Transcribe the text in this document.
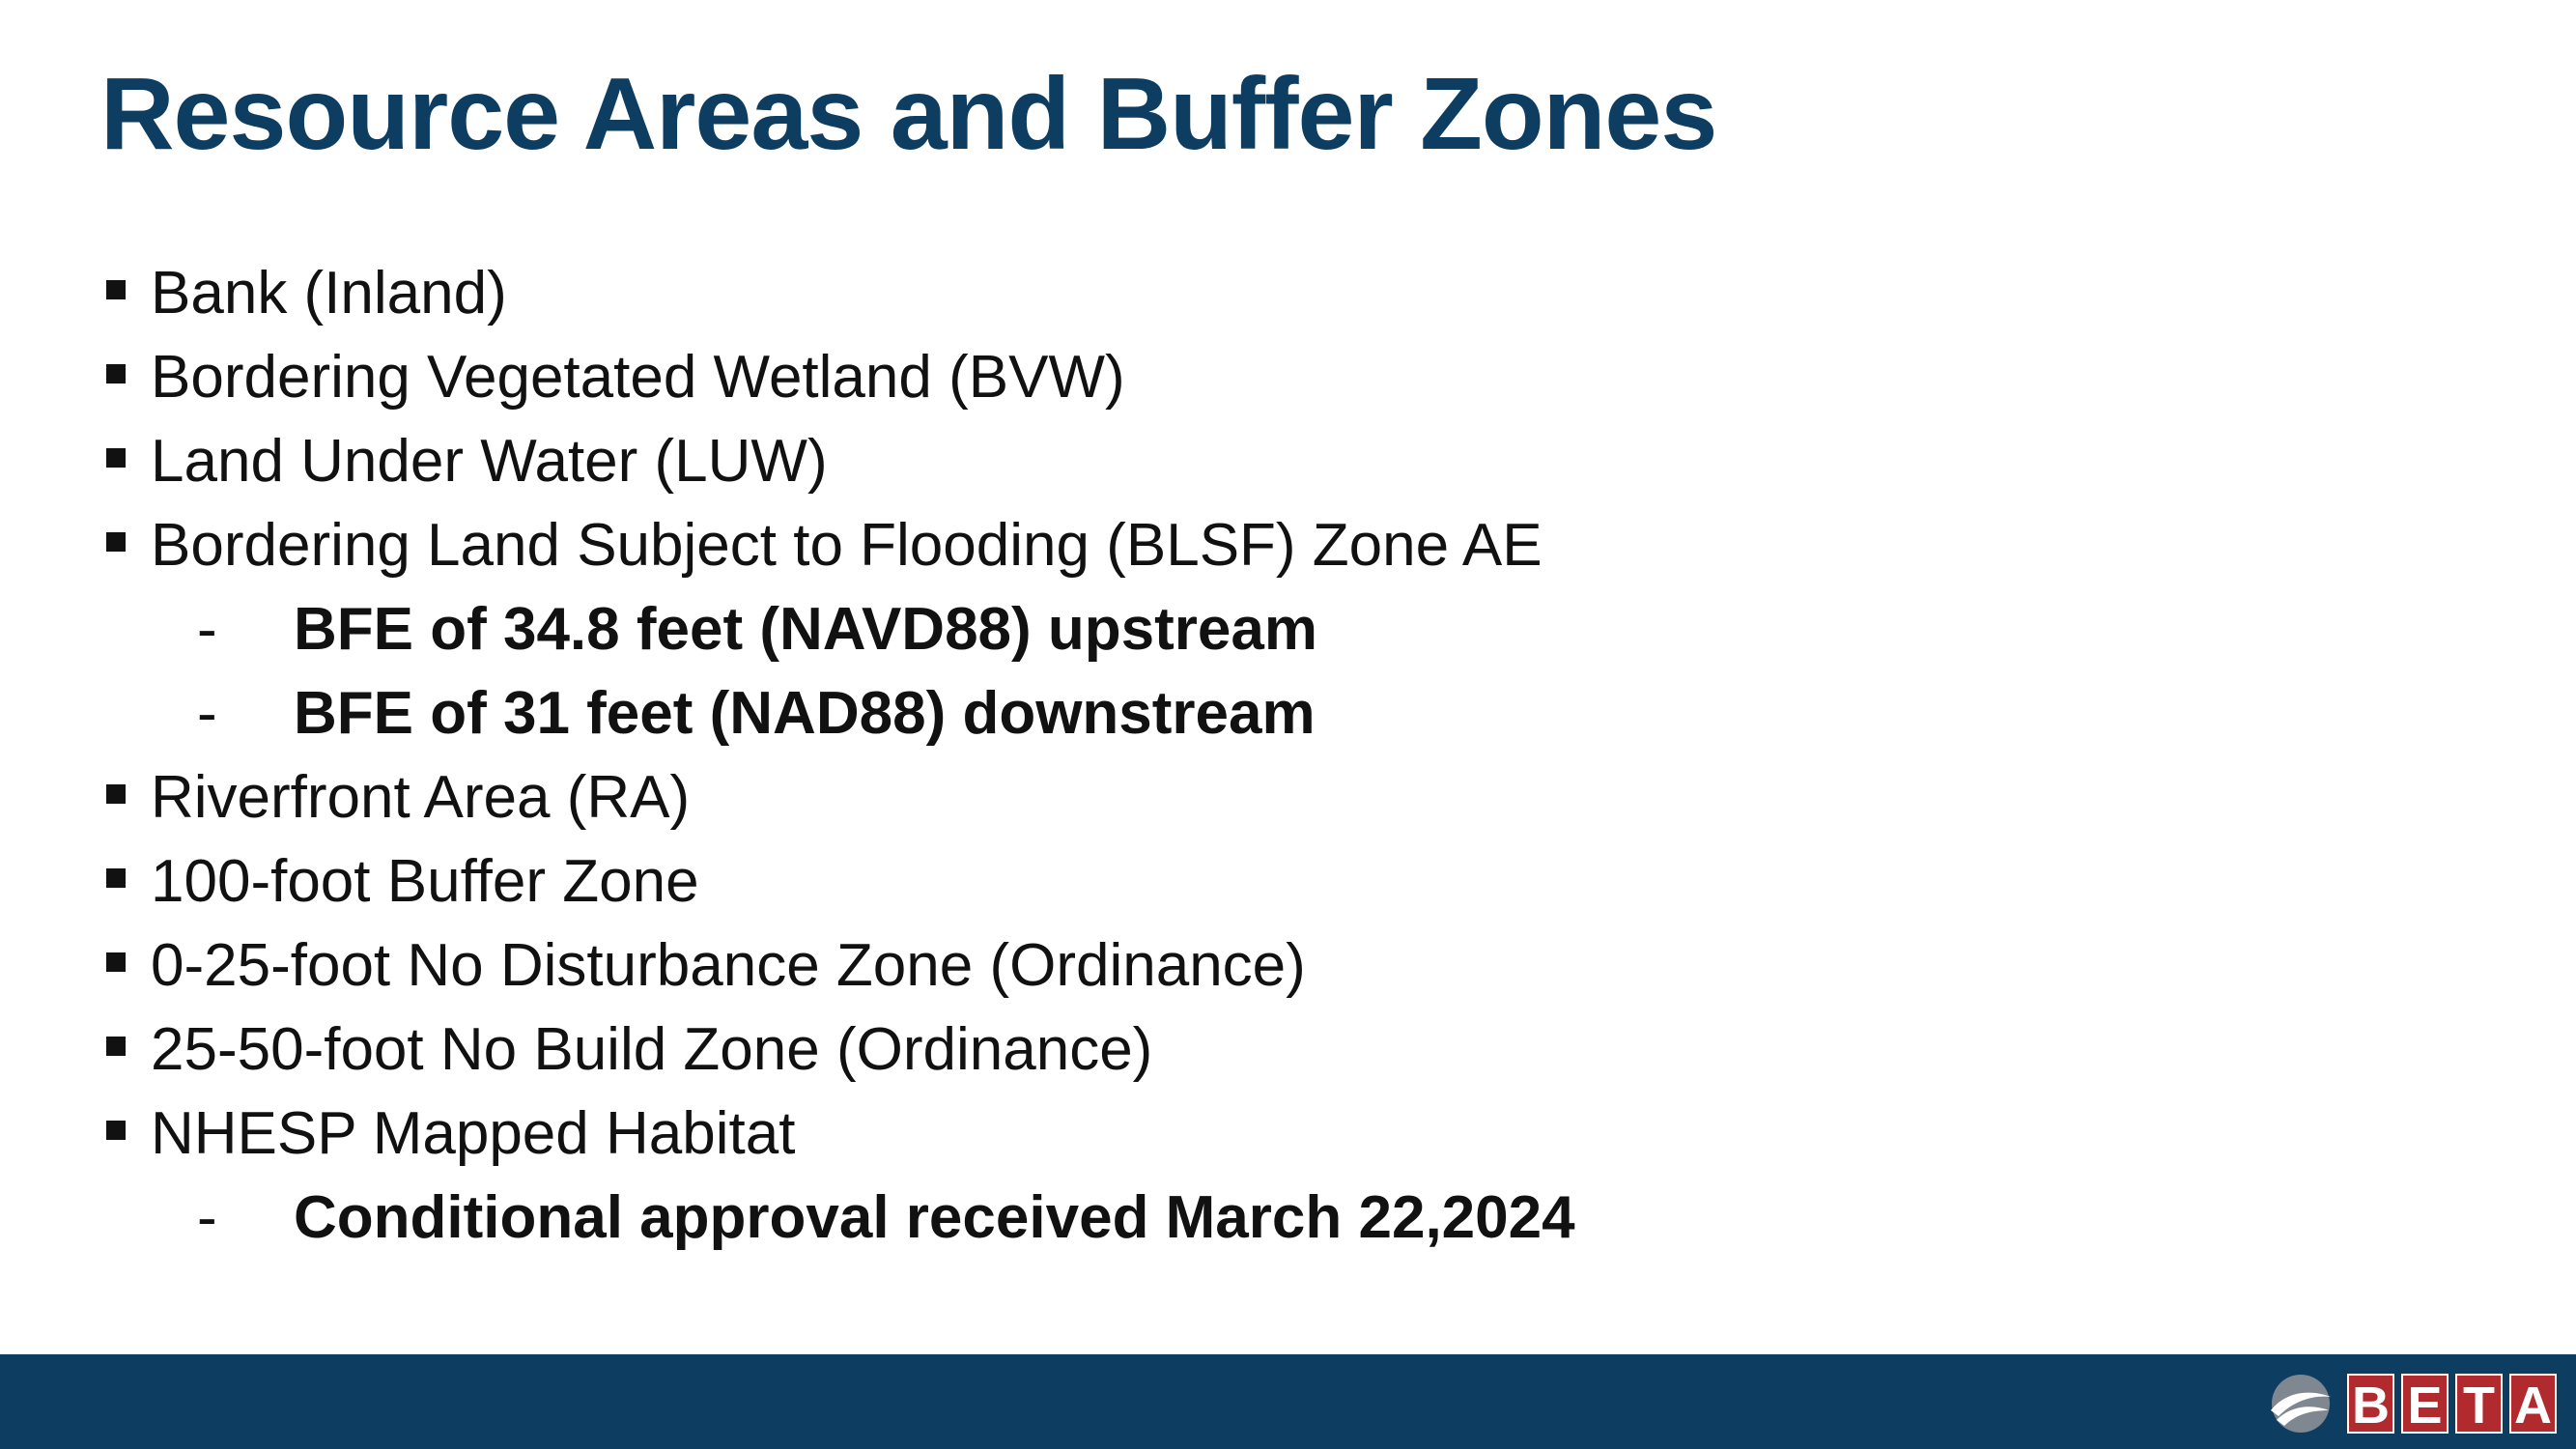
Resource Areas and Buffer Zones
Bank (Inland)
Bordering Vegetated Wetland (BVW)
Land Under Water (LUW)
Bordering Land Subject to Flooding (BLSF) Zone AE
- BFE of 34.8 feet (NAVD88) upstream
- BFE of 31 feet (NAD88) downstream
Riverfront Area (RA)
100-foot Buffer Zone
0-25-foot No Disturbance Zone (Ordinance)
25-50-foot No Build Zone (Ordinance)
NHESP Mapped Habitat
- Conditional approval received March 22,2024
B E T A
